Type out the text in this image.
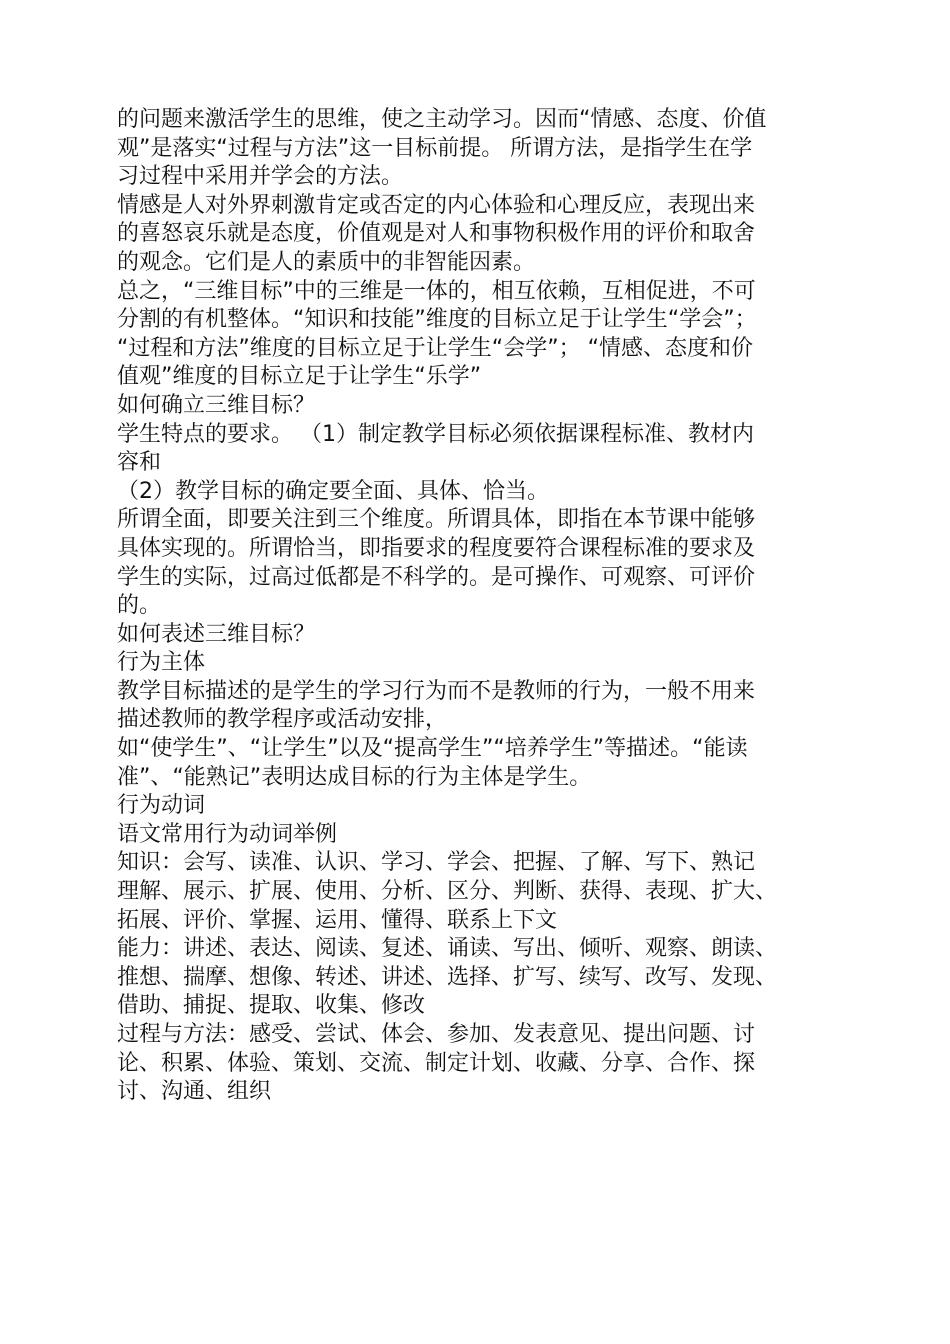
的问题来激活学生的思维，使之主动学习。因而“情感、态度、价值
观”是落实“过程与方法”这一目标前提。 所谓方法，是指学生在学
习过程中采用并学会的方法。
情感是人对外界刺激肯定或否定的内心体验和心理反应，表现出来
的喜怒哀乐就是态度，价值观是对人和事物积极作用的评价和取舍
的观念。它们是人的素质中的非智能因素。
总之，“三维目标”中的三维是一体的，相互依赖，互相促进，不可
分割的有机整体。“知识和技能”维度的目标立足于让学生“学会”；
“过程和方法”维度的目标立足于让学生“会学”； “情感、态度和价
值观”维度的目标立足于让学生“乐学”
如何确立三维目标？
学生特点的要求。 （1）制定教学目标必须依据课程标准、教材内
容和
（2）教学目标的确定要全面、具体、恰当。
所谓全面，即要关注到三个维度。所谓具体，即指在本节课中能够
具体实现的。所谓恰当，即指要求的程度要符合课程标准的要求及
学生的实际，过高过低都是不科学的。是可操作、可观察、可评价
的。
如何表述三维目标？
行为主体
教学目标描述的是学生的学习行为而不是教师的行为，一般不用来
描述教师的教学程序或活动安排，
如“使学生”、“让学生”以及“提高学生”“培养学生”等描述。“能读
准”、“能熟记”表明达成目标的行为主体是学生。
行为动词
语文常用行为动词举例
知识：会写、读准、认识、学习、学会、把握、了解、写下、熟记
理解、展示、扩展、使用、分析、区分、判断、获得、表现、扩大、
拓展、评价、掌握、运用、懂得、联系上下文
能力：讲述、表达、阅读、复述、诵读、写出、倾听、观察、朗读、
推想、揣摩、想像、转述、讲述、选择、扩写、续写、改写、发现、
借助、捕捉、提取、收集、修改
过程与方法：感受、尝试、体会、参加、发表意见、提出问题、讨
论、积累、体验、策划、交流、制定计划、收藏、分享、合作、探
讨、沟通、组织
